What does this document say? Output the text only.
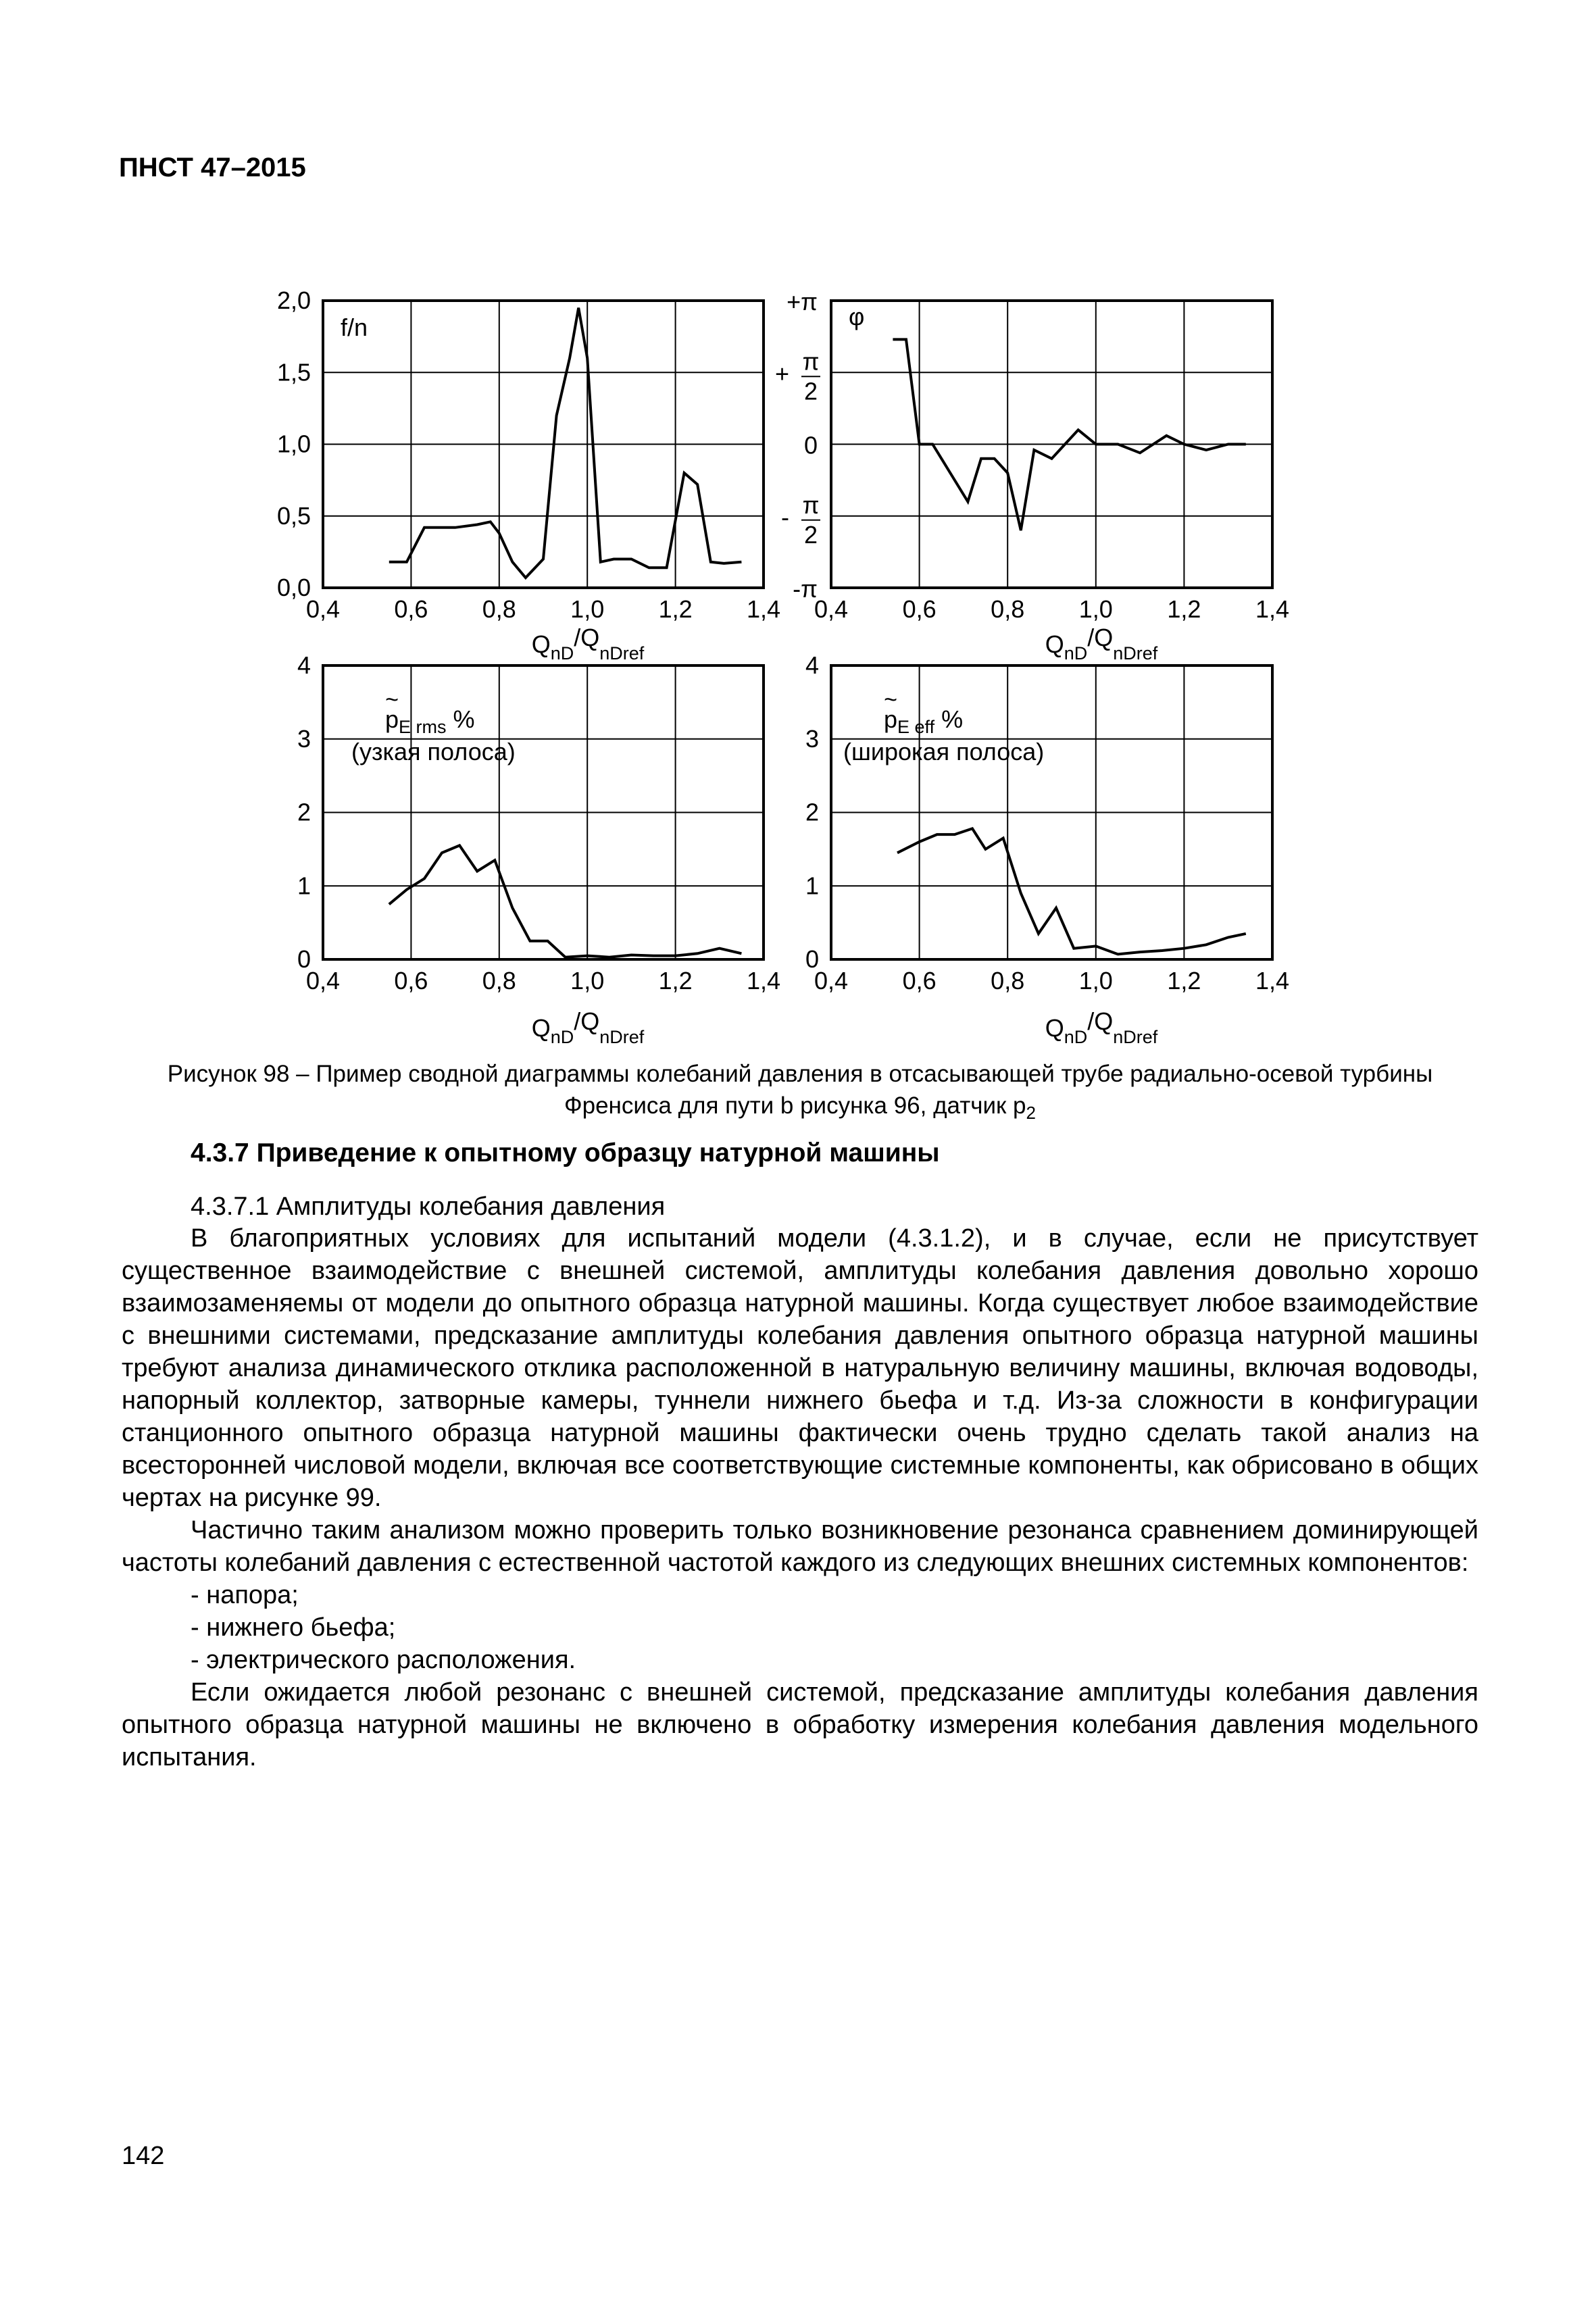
ПНСТ 47–2015
0,4 0,6 0,8 1,0 1,2 1,4
0,0
0,5
1,0
1,5
2,0
f/n
$Q_{nD}/Q_{nDref}$
0,4 0,6 0,8 1,0 1,2 1,4
+π
+ π
2
0
- π
2
-π
φ
$Q_{nD}/Q_{nDref}$
0,4 0,6 0,8 1,0 1,2 1,4
0
1
2
3
4
$p_{E rms}$ %
~
(узкая полоса)
$Q_{nD}/Q_{nDref}$
0,4 0,6 0,8 1,0 1,2 1,4
0
1
2
3
4
$p_{E eff}$ %
~
(широкая полоса)
$Q_{nD}/Q_{nDref}$
Рисунок 98 – Пример сводной диаграммы колебаний давления в отсасывающей трубе радиально-осевой турбины
Френсиса для пути b рисунка 96, датчик $p_2$
4.3.7 Приведение к опытному образцу натурной машины
4.3.7.1 Амплитуды колебания давления

В благоприятных условиях для испытаний модели (4.3.1.2), и в случае, если не присутствует существенное взаимодействие с внешней системой, амплитуды колебания давления довольно хорошо взаимозаменяемы от модели до опытного образца натурной машины. Когда существует любое взаимодействие с внешними системами, предсказание амплитуды колебания давления опытного образца натурной машины требуют анализа динамического отклика расположенной в натуральную величину машины, включая водоводы, напорный коллектор, затворные камеры, туннели нижнего бьефа и т.д. Из-за сложности в конфигурации станционного опытного образца натурной машины фактически очень трудно сделать такой анализ на всесторонней числовой модели, включая все соответствующие системные компоненты, как обрисовано в общих чертах на рисунке 99.

Частично таким анализом можно проверить только возникновение резонанса сравнением доминирующей частоты колебаний давления с естественной частотой каждого из следующих внешних системных компонентов:

- напора;
- нижнего бьефа;
- электрического расположения.

Если ожидается любой резонанс с внешней системой, предсказание амплитуды колебания давления опытного образца натурной машины не включено в обработку измерения колебания давления модельного испытания.

142
